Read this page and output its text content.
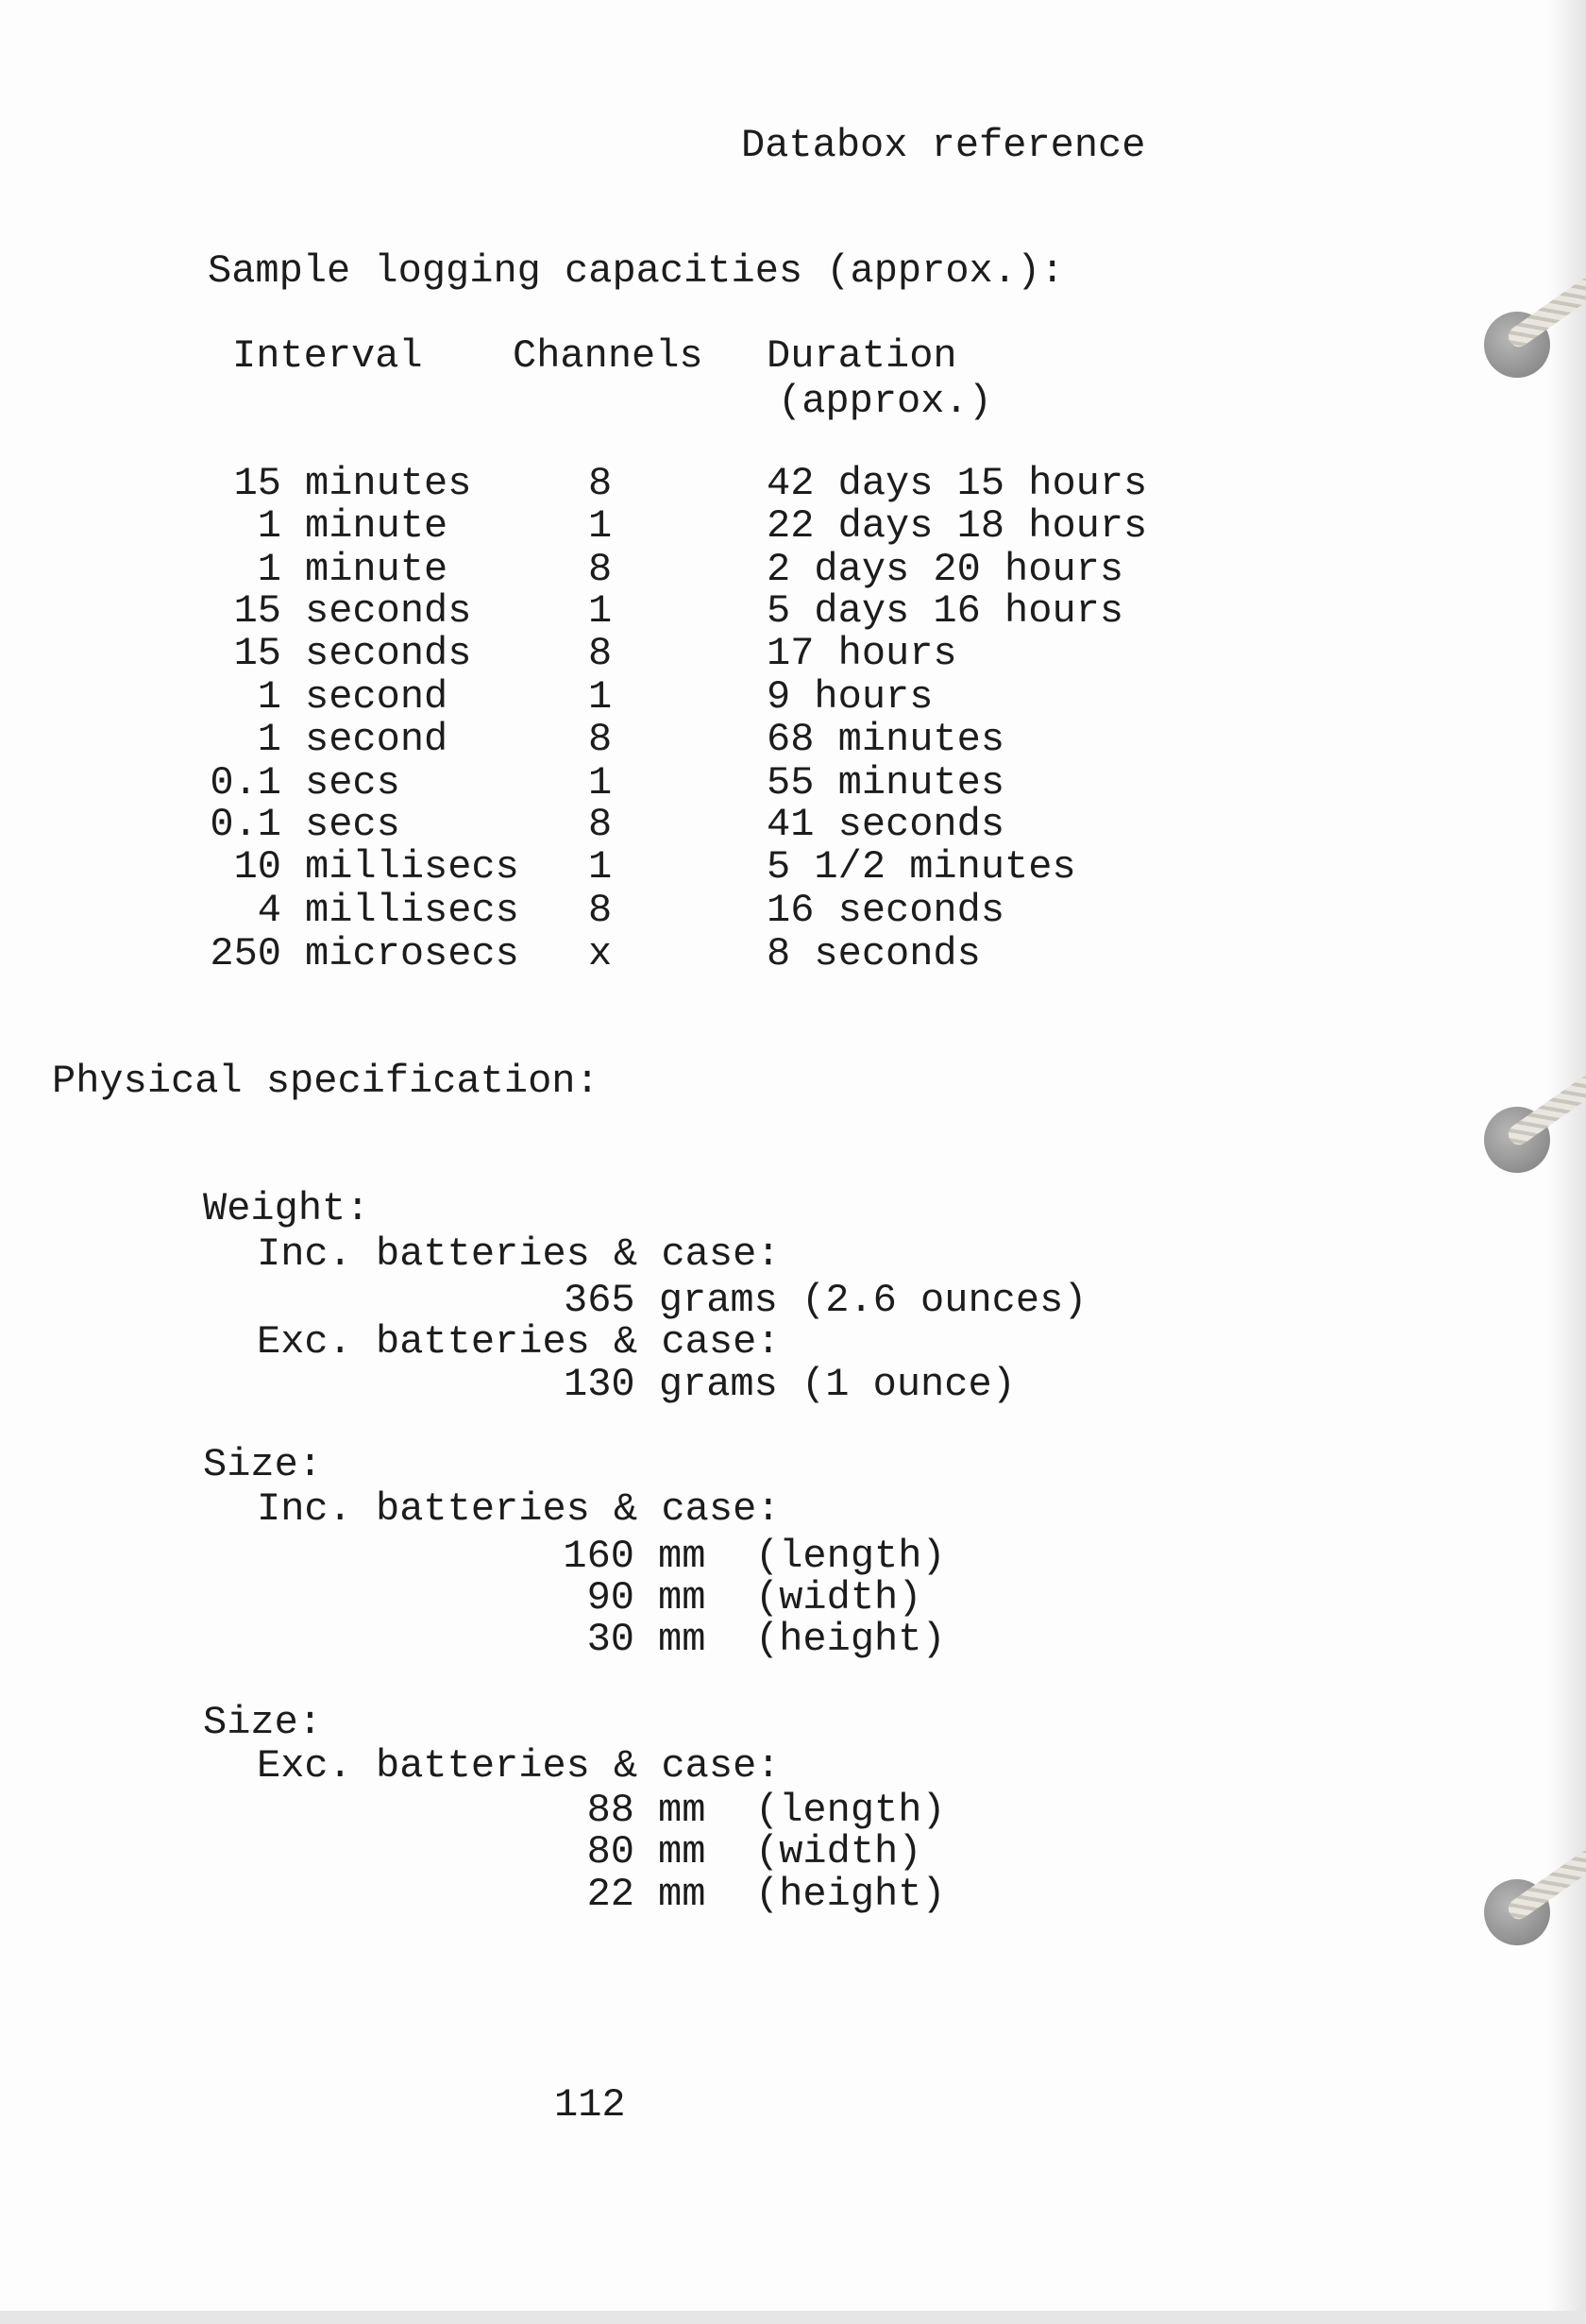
Databox reference
Sample logging capacities (approx.):
Interval Channels Duration
(approx.)
15 minutes	8	42 days 15 hours
1 minute	1	22 days 18 hours
1 minute	8	2 days 20 hours
15 seconds	1	5 days 16 hours
15 seconds	8	17 hours
1 second	1	9 hours
1 second	8	68 minutes
0.1 secs	1	55 minutes
0.1 secs	8	41 seconds
10 millisecs 1	5 1/2 minutes
4 millisecs 8	16 seconds
250 microsecs x	8 seconds
Physical specification:
Weight:
Inc. batteries & case:
365 grams (2.6 ounces)
Exc. batteries & case:
130 grams (1 ounce)
Size:
Inc. batteries & case:
160 mm (length)
90 mm (width)
30 mm (height)
Size:
Exc. batteries & case:
88 mm (length)
80 mm (width)
22 mm (height)
112
